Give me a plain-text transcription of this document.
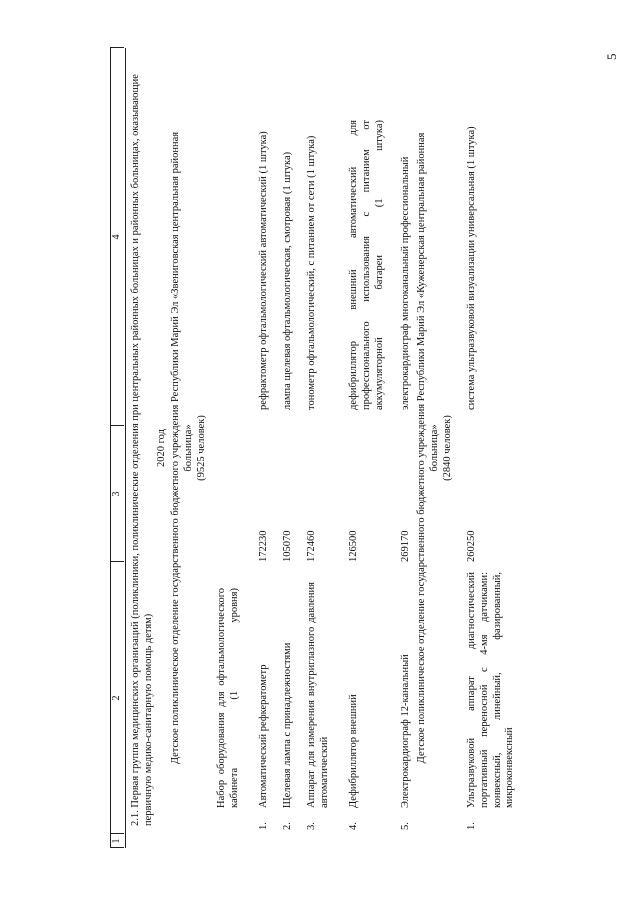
5
1
2
3
4 2.1. Первая группа медицинских организаций (поликлиники, поликлинические отделения при центральных районных больницах и районных больницах, оказывающие первичную медико-санитарную помощь детям)
2020 год Детское поликлиническое отделение государственного бюджетного учреждения Республики Марий Эл «Звениговская центральная районная больница» (9525 человек)
Набор оборудования для офтальмологического кабинета (1 уровня)
1.
Автоматический рефкератометр
172230
рефрактометр офтальмологический автоматический (1 штука)
2.
Щелевая лампа с принадлежностями
105070
лампа щелевая офтальмологическая, смотровая (1 штука)
3.
Аппарат для измерения внутриглазного давления автоматический
172460
тонометр офтальмологический, с питанием от сети (1 штука)
4.
Дефибриллятор внешний
126500
дефибриллятор внешний автоматический для профессионального использования с питанием от аккумуляторной батареи (1 штука)
5.
Электрокардиограф 12-канальный
269170
электрокардиограф многоканальный профессиональный Детское поликлиническое отделение государственного бюджетного учреждения Республики Марий Эл «Куженерская центральная районная больница» (2840 человек)
1.
Ультразвуковой аппарат диагностический портативный переносной с 4-мя датчиками: конвексный, линейный, фазированный, микроконвексный
260250
система ультразвуковой визуализации универсальная (1 штука)
